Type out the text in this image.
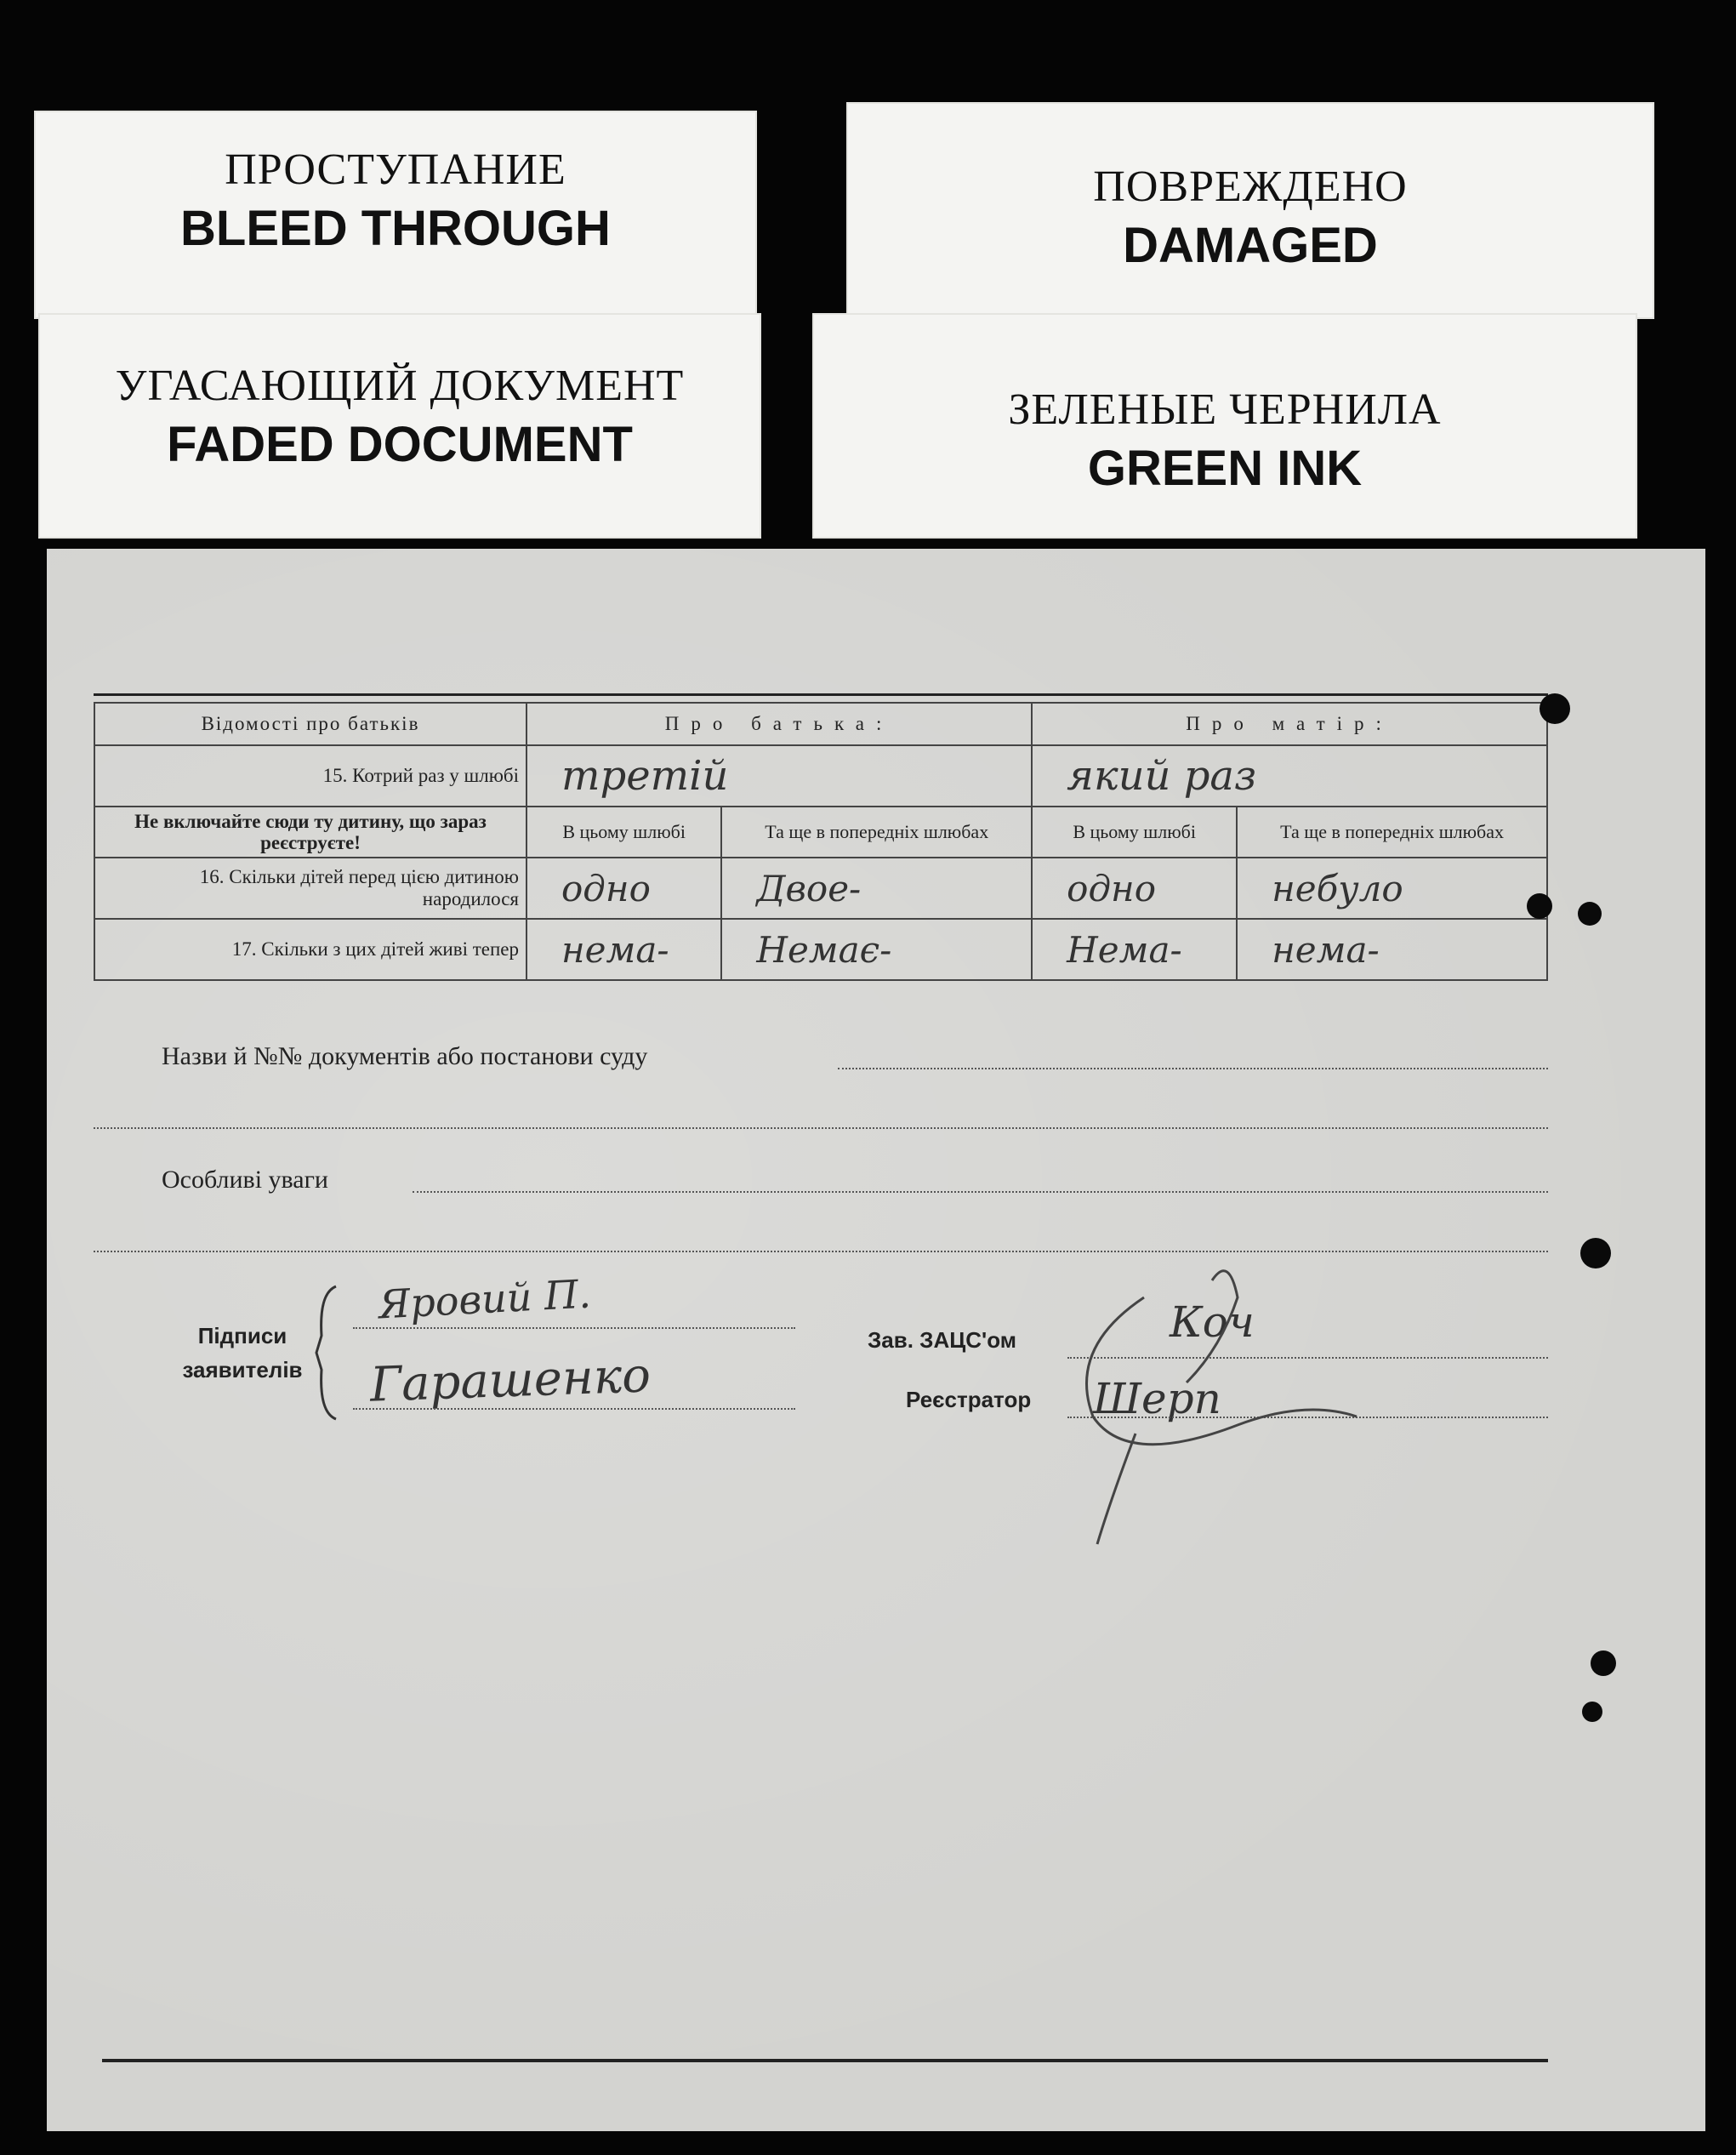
ПРОСТУПАНИЕ
BLEED THROUGH
ПОВРЕЖДЕНО
DAMAGED
УГАСАЮЩИЙ ДОКУМЕНТ
FADED DOCUMENT
ЗЕЛЕНЫЕ ЧЕРНИЛА
GREEN INK
Відомості про батьків	Про батька:		Про матір:	
15. Котрий раз у шлюбі	третій		який раз	
Не включайте сюди ту дитину, що зараз реєструєте!	В цьому шлюбі	Та ще в попередніх шлюбах	В цьому шлюбі	Та ще в попередніх шлюбах
16. Скільки дітей перед цією дитиною народилося	одно	Двое-	одно	небуло
17. Скільки з цих дітей живі тепер	нема-	Немає-	Нема-	нема-
Назви й №№ документів або постанови суду
Особливі уваги
Підписи заявителів
Яровий П.
Гарашенко
Зав. ЗАЦС'ом	Коч
Реєстратор Шерп
